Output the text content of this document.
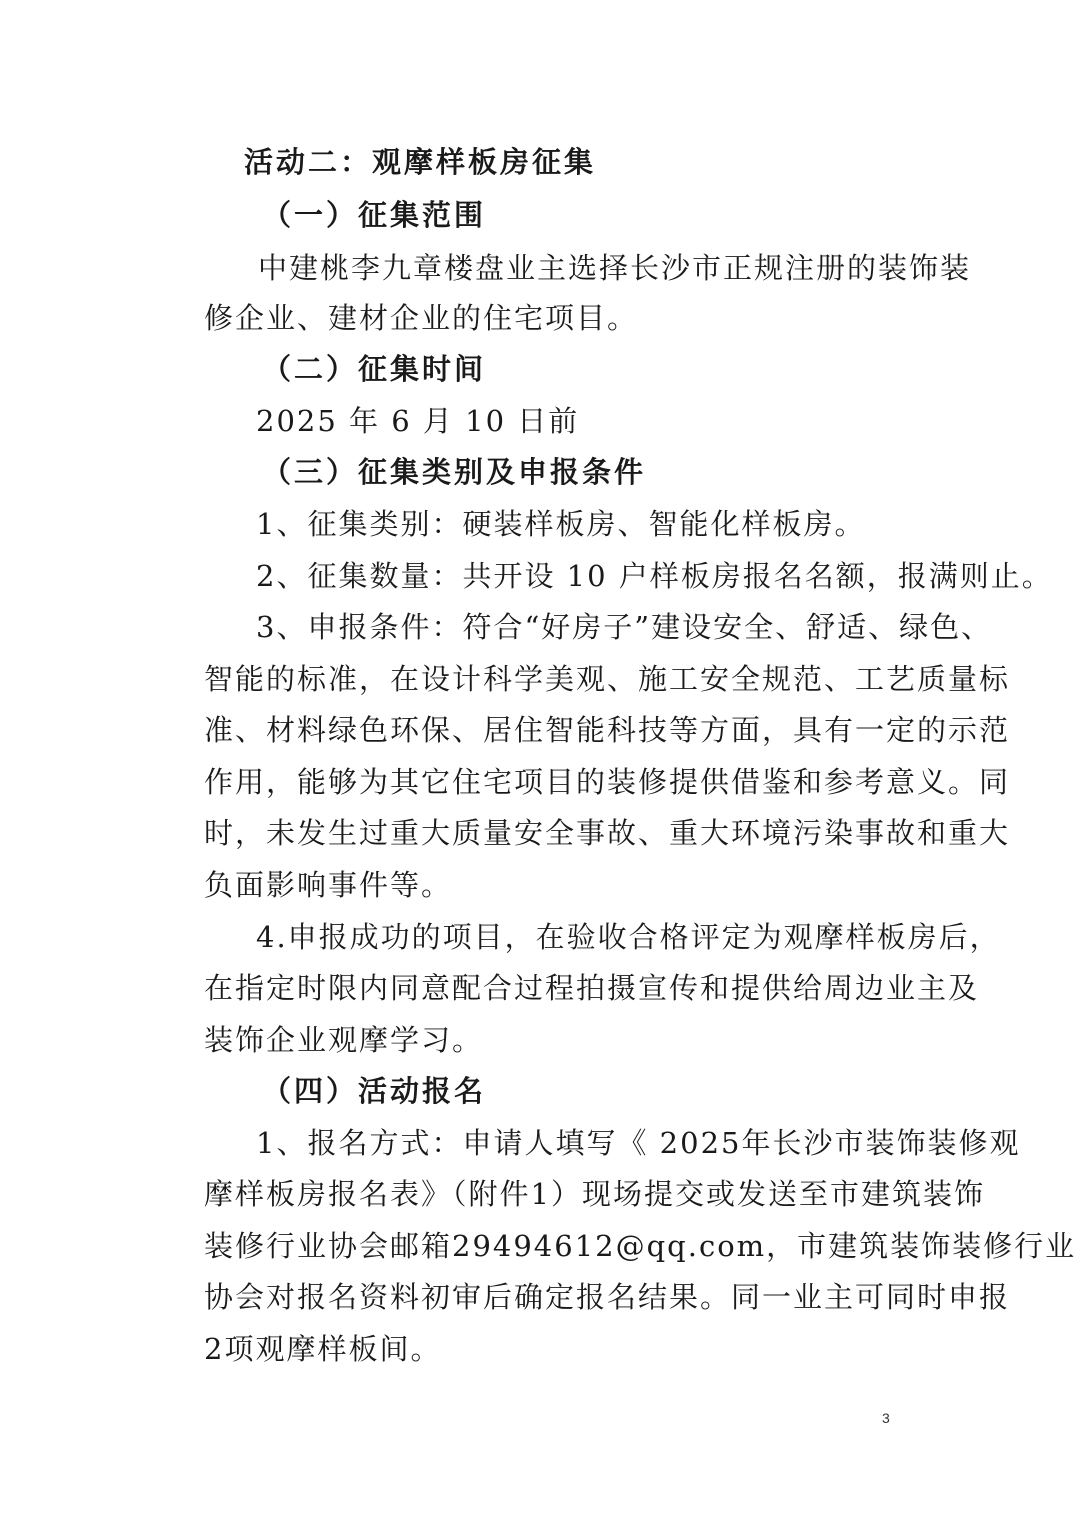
活动二：观摩样板房征集
（一）征集范围
中建桃李九章楼盘业主选择长沙市正规注册的装饰装
修企业、建材企业的住宅项目。
（二）征集时间
2025 年 6 月 10 日前
（三）征集类别及申报条件
1、征集类别：硬装样板房、智能化样板房。
2、征集数量：共开设 10 户样板房报名名额，报满则止。
3、申报条件：符合“好房子”建设安全、舒适、绿色、
智能的标准，在设计科学美观、施工安全规范、工艺质量标
准、材料绿色环保、居住智能科技等方面，具有一定的示范
作用，能够为其它住宅项目的装修提供借鉴和参考意义。同
时，未发生过重大质量安全事故、重大环境污染事故和重大
负面影响事件等。
4.申报成功的项目，在验收合格评定为观摩样板房后，
在指定时限内同意配合过程拍摄宣传和提供给周边业主及
装饰企业观摩学习。
（四）活动报名
1、报名方式：申请人填写《 2025年长沙市装饰装修观
摩样板房报名表》（附件1）现场提交或发送至市建筑装饰
装修行业协会邮箱29494612@qq.com，市建筑装饰装修行业
协会对报名资料初审后确定报名结果。同一业主可同时申报
2项观摩样板间。
3
